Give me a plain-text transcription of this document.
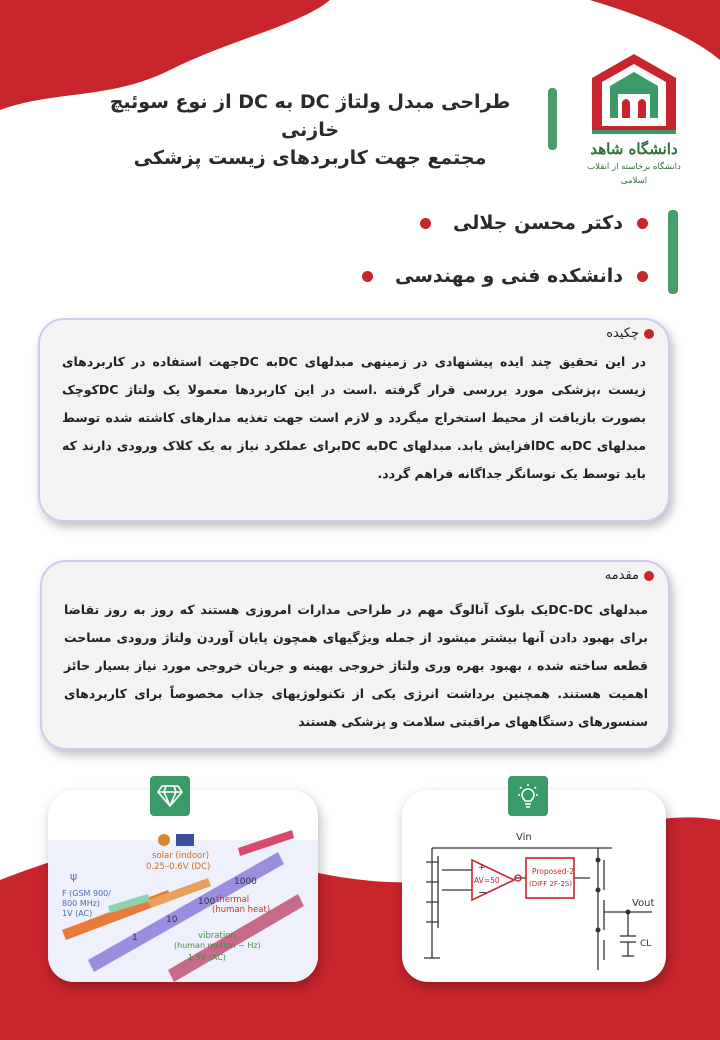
طراحی مبدل ولتاژ DC به DC از نوع سوئیچ خازنی
مجتمع جهت کاربردهای زیست پزشکی	دانشگاه شاهد
دانشگاه برخاسته از انقلاب اسلامی
دکتر محسن جلالی
دانشکده فنی و مهندسی
چکیده
در این تحقیق چند ایده پیشنهادی در زمینهی مبدلهای DCبه DCجهت استفاده در کاربردهای زیست ،پزشکی مورد بررسی قرار گرفته .است در این کاربردها معمولا یک ولتاژ DCکوچک بصورت بازیافت از محیط استخراج میگردد و لازم است جهت تغذیه مدارهای کاشته شده توسط مبدلهای DCبه DCافزایش یابد. مبدلهای DCبه DCبرای عملکرد نیاز به یک کلاک ورودی دارند که باید توسط یک نوسانگر جداگانه فراهم گردد.
مقدمه
مبدلهای DC-DCیک بلوک آنالوگ مهم در طراحی مدارات امروزی هستند که روز به روز تقاضا برای بهبود دادن آنها بیشتر میشود از جمله ویژگیهای همچون پایان آوردن ولتاژ ورودی مساحت قطعه ساخته شده ، بهبود بهره وری ولتاژ خروجی بهینه و جریان خروجی مورد نیاز بسیار حائز اهمیت هستند. همچنین برداشت انرژی یکی از تکنولوژیهای جذاب مخصوصاً برای کاربردهای سنسورهای دستگاههای مراقبتی سلامت و پزشکی هستند
1
10
100
1000
solar (indoor)
0.25–0.6V (DC)
ψ
F (GSM 900/
800 MHz)
1V (AC)
thermal
(human heat)
vibration
(human motion ~ Hz)
1.5V (AC)
+
−
AV=50
Proposed-2
(DIFF 2F-2S)
Vin
Vout
CL
